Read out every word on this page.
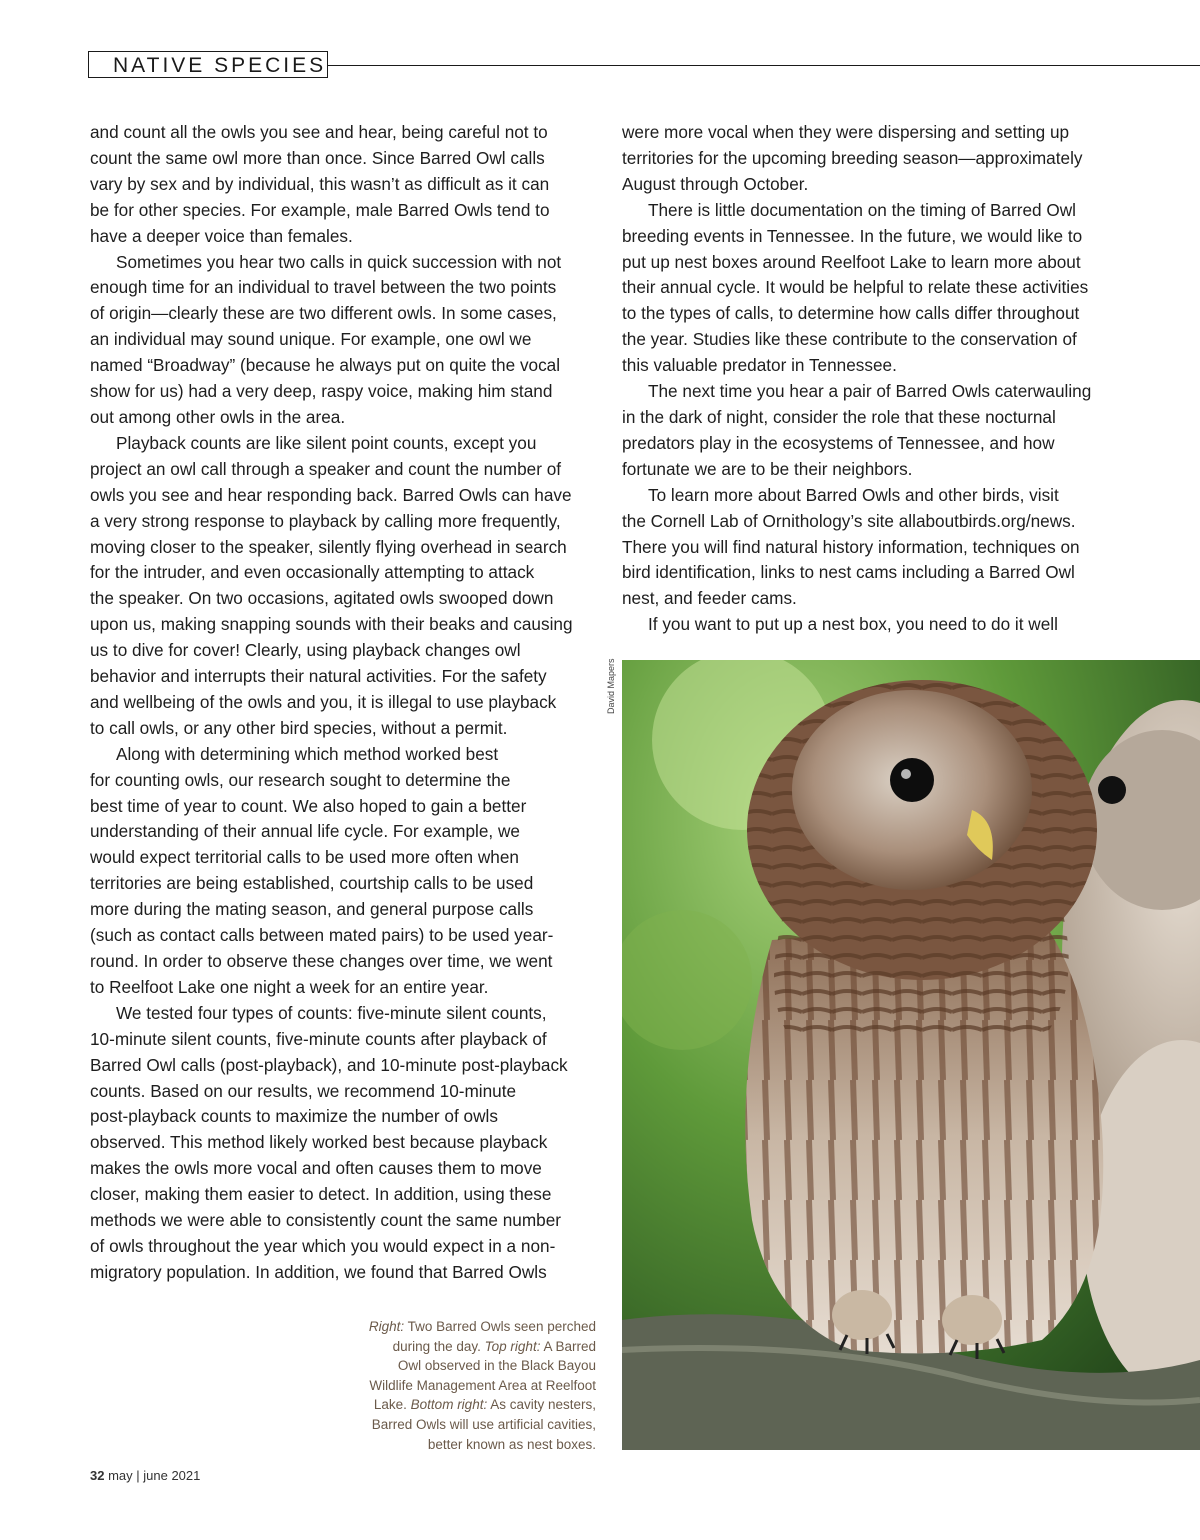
NATIVE SPECIES

and count all the owls you see and hear, being careful not to

count the same owl more than once. Since Barred Owl calls

vary by sex and by individual, this wasn’t as difficult as it can

be for other species. For example, male Barred Owls tend to

have a deeper voice than females.

Sometimes you hear two calls in quick succession with not

enough time for an individual to travel between the two points

of origin—clearly these are two different owls. In some cases,

an individual may sound unique. For example, one owl we

named “Broadway” (because he always put on quite the vocal

show for us) had a very deep, raspy voice, making him stand

out among other owls in the area.

Playback counts are like silent point counts, except you

project an owl call through a speaker and count the number of

owls you see and hear responding back. Barred Owls can have

a very strong response to playback by calling more frequently,

moving closer to the speaker, silently flying overhead in search

for the intruder, and even occasionally attempting to attack

the speaker. On two occasions, agitated owls swooped down

upon us, making snapping sounds with their beaks and causing

us to dive for cover! Clearly, using playback changes owl

behavior and interrupts their natural activities. For the safety

and wellbeing of the owls and you, it is illegal to use playback

to call owls, or any other bird species, without a permit.

Along with determining which method worked best

for counting owls, our research sought to determine the

best time of year to count. We also hoped to gain a better

understanding of their annual life cycle. For example, we

would expect territorial calls to be used more often when

territories are being established, courtship calls to be used

more during the mating season, and general purpose calls

(such as contact calls between mated pairs) to be used year-

round. In order to observe these changes over time, we went

to Reelfoot Lake one night a week for an entire year.

We tested four types of counts: five-minute silent counts,

10-minute silent counts, five-minute counts after playback of

Barred Owl calls (post-playback), and 10-minute post-playback

counts. Based on our results, we recommend 10-minute

post-playback counts to maximize the number of owls

observed. This method likely worked best because playback

makes the owls more vocal and often causes them to move

closer, making them easier to detect. In addition, using these

methods we were able to consistently count the same number

of owls throughout the year which you would expect in a non-

migratory population. In addition, we found that Barred Owls

were more vocal when they were dispersing and setting up

territories for the upcoming breeding season—approximately

August through October.

There is little documentation on the timing of Barred Owl

breeding events in Tennessee. In the future, we would like to

put up nest boxes around Reelfoot Lake to learn more about

their annual cycle. It would be helpful to relate these activities

to the types of calls, to determine how calls differ throughout

the year. Studies like these contribute to the conservation of

this valuable predator in Tennessee.

The next time you hear a pair of Barred Owls caterwauling

in the dark of night, consider the role that these nocturnal

predators play in the ecosystems of Tennessee, and how

fortunate we are to be their neighbors.

To learn more about Barred Owls and other birds, visit

the Cornell Lab of Ornithology’s site allaboutbirds.org/news.

There you will find natural history information, techniques on

bird identification, links to nest cams including a Barred Owl

nest, and feeder cams.

If you want to put up a nest box, you need to do it well

David Mapers

Right: Two Barred Owls seen perched

during the day. Top right: A Barred

Owl observed in the Black Bayou

Wildlife Management Area at Reelfoot

Lake. Bottom right: As cavity nesters,

Barred Owls will use artificial cavities,

better known as nest boxes.

32 may | june 2021
